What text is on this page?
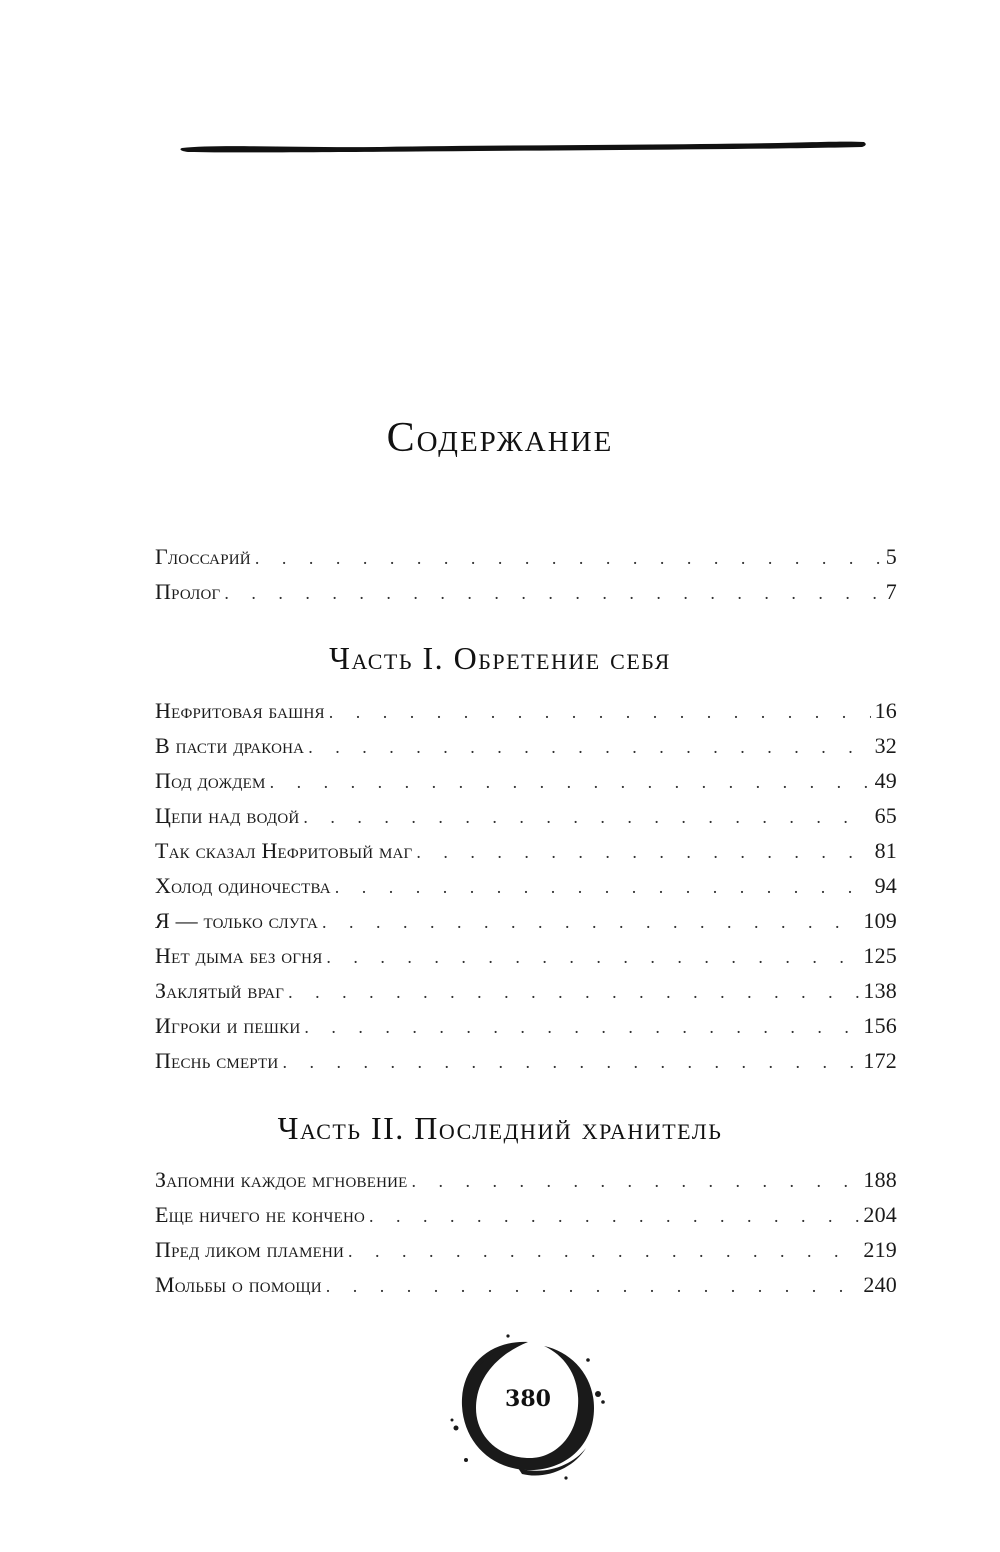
Содержание
Глоссарий . . .	5
Пролог . . .	7
Часть I. Обретение себя
Нефритовая башня . . .	16
В пасти дракона . . .	32
Под дождем . . .	49
Цепи над водой . . .	65
Так сказал Нефритовый маг . . .	81
Холод одиночества . . .	94
Я — только слуга . . .	109
Нет дыма без огня . . .	125
Заклятый враг . . .	138
Игроки и пешки . . .	156
Песнь смерти . . .	172
Часть II. Последний хранитель
Запомни каждое мгновение . . .	188
Еще ничего не кончено . . .	204
Пред ликом пламени . . .	219
Мольбы о помощи . . .	240
380
